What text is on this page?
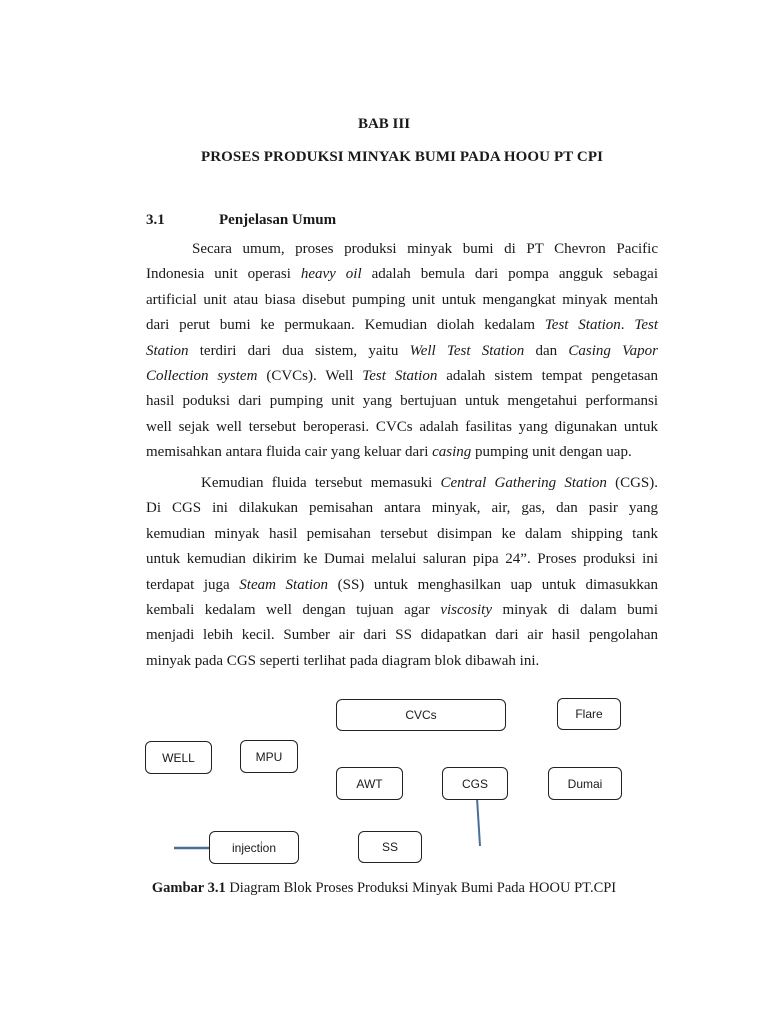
BAB III
PROSES PRODUKSI MINYAK BUMI PADA HOOU PT CPI
3.1	Penjelasan Umum
Secara umum, proses produksi minyak bumi di PT Chevron Pacific
Indonesia unit operasi heavy oil adalah bemula dari pompa angguk sebagai
artificial unit atau biasa disebut pumping unit untuk mengangkat minyak mentah
dari perut bumi ke permukaan. Kemudian diolah kedalam Test Station. Test
Station terdiri dari dua sistem, yaitu Well Test Station dan Casing Vapor
Collection system (CVCs). Well Test Station adalah sistem tempat pengetasan
hasil poduksi dari pumping unit yang bertujuan untuk mengetahui performansi
well sejak well tersebut beroperasi. CVCs adalah fasilitas yang digunakan untuk
memisahkan antara fluida cair yang keluar dari casing pumping unit dengan uap.
Kemudian fluida tersebut memasuki Central Gathering Station (CGS).
Di CGS ini dilakukan pemisahan antara minyak, air, gas, dan pasir yang
kemudian minyak hasil pemisahan tersebut disimpan ke dalam shipping tank
untuk kemudian dikirim ke Dumai melalui saluran pipa 24”. Proses produksi ini
terdapat juga Steam Station (SS) untuk menghasilkan uap untuk dimasukkan
kembali kedalam well dengan tujuan agar viscosity minyak di dalam bumi
menjadi lebih kecil. Sumber air dari SS didapatkan dari air hasil pengolahan
minyak pada CGS seperti terlihat pada diagram blok dibawah ini.
CVCs	Flare
WELL	MPU
AWT	CGS	Dumai
injecti̇on	SS
Gambar 3.1 Diagram Blok Proses Produksi Minyak Bumi Pada HOOU PT.CPI
